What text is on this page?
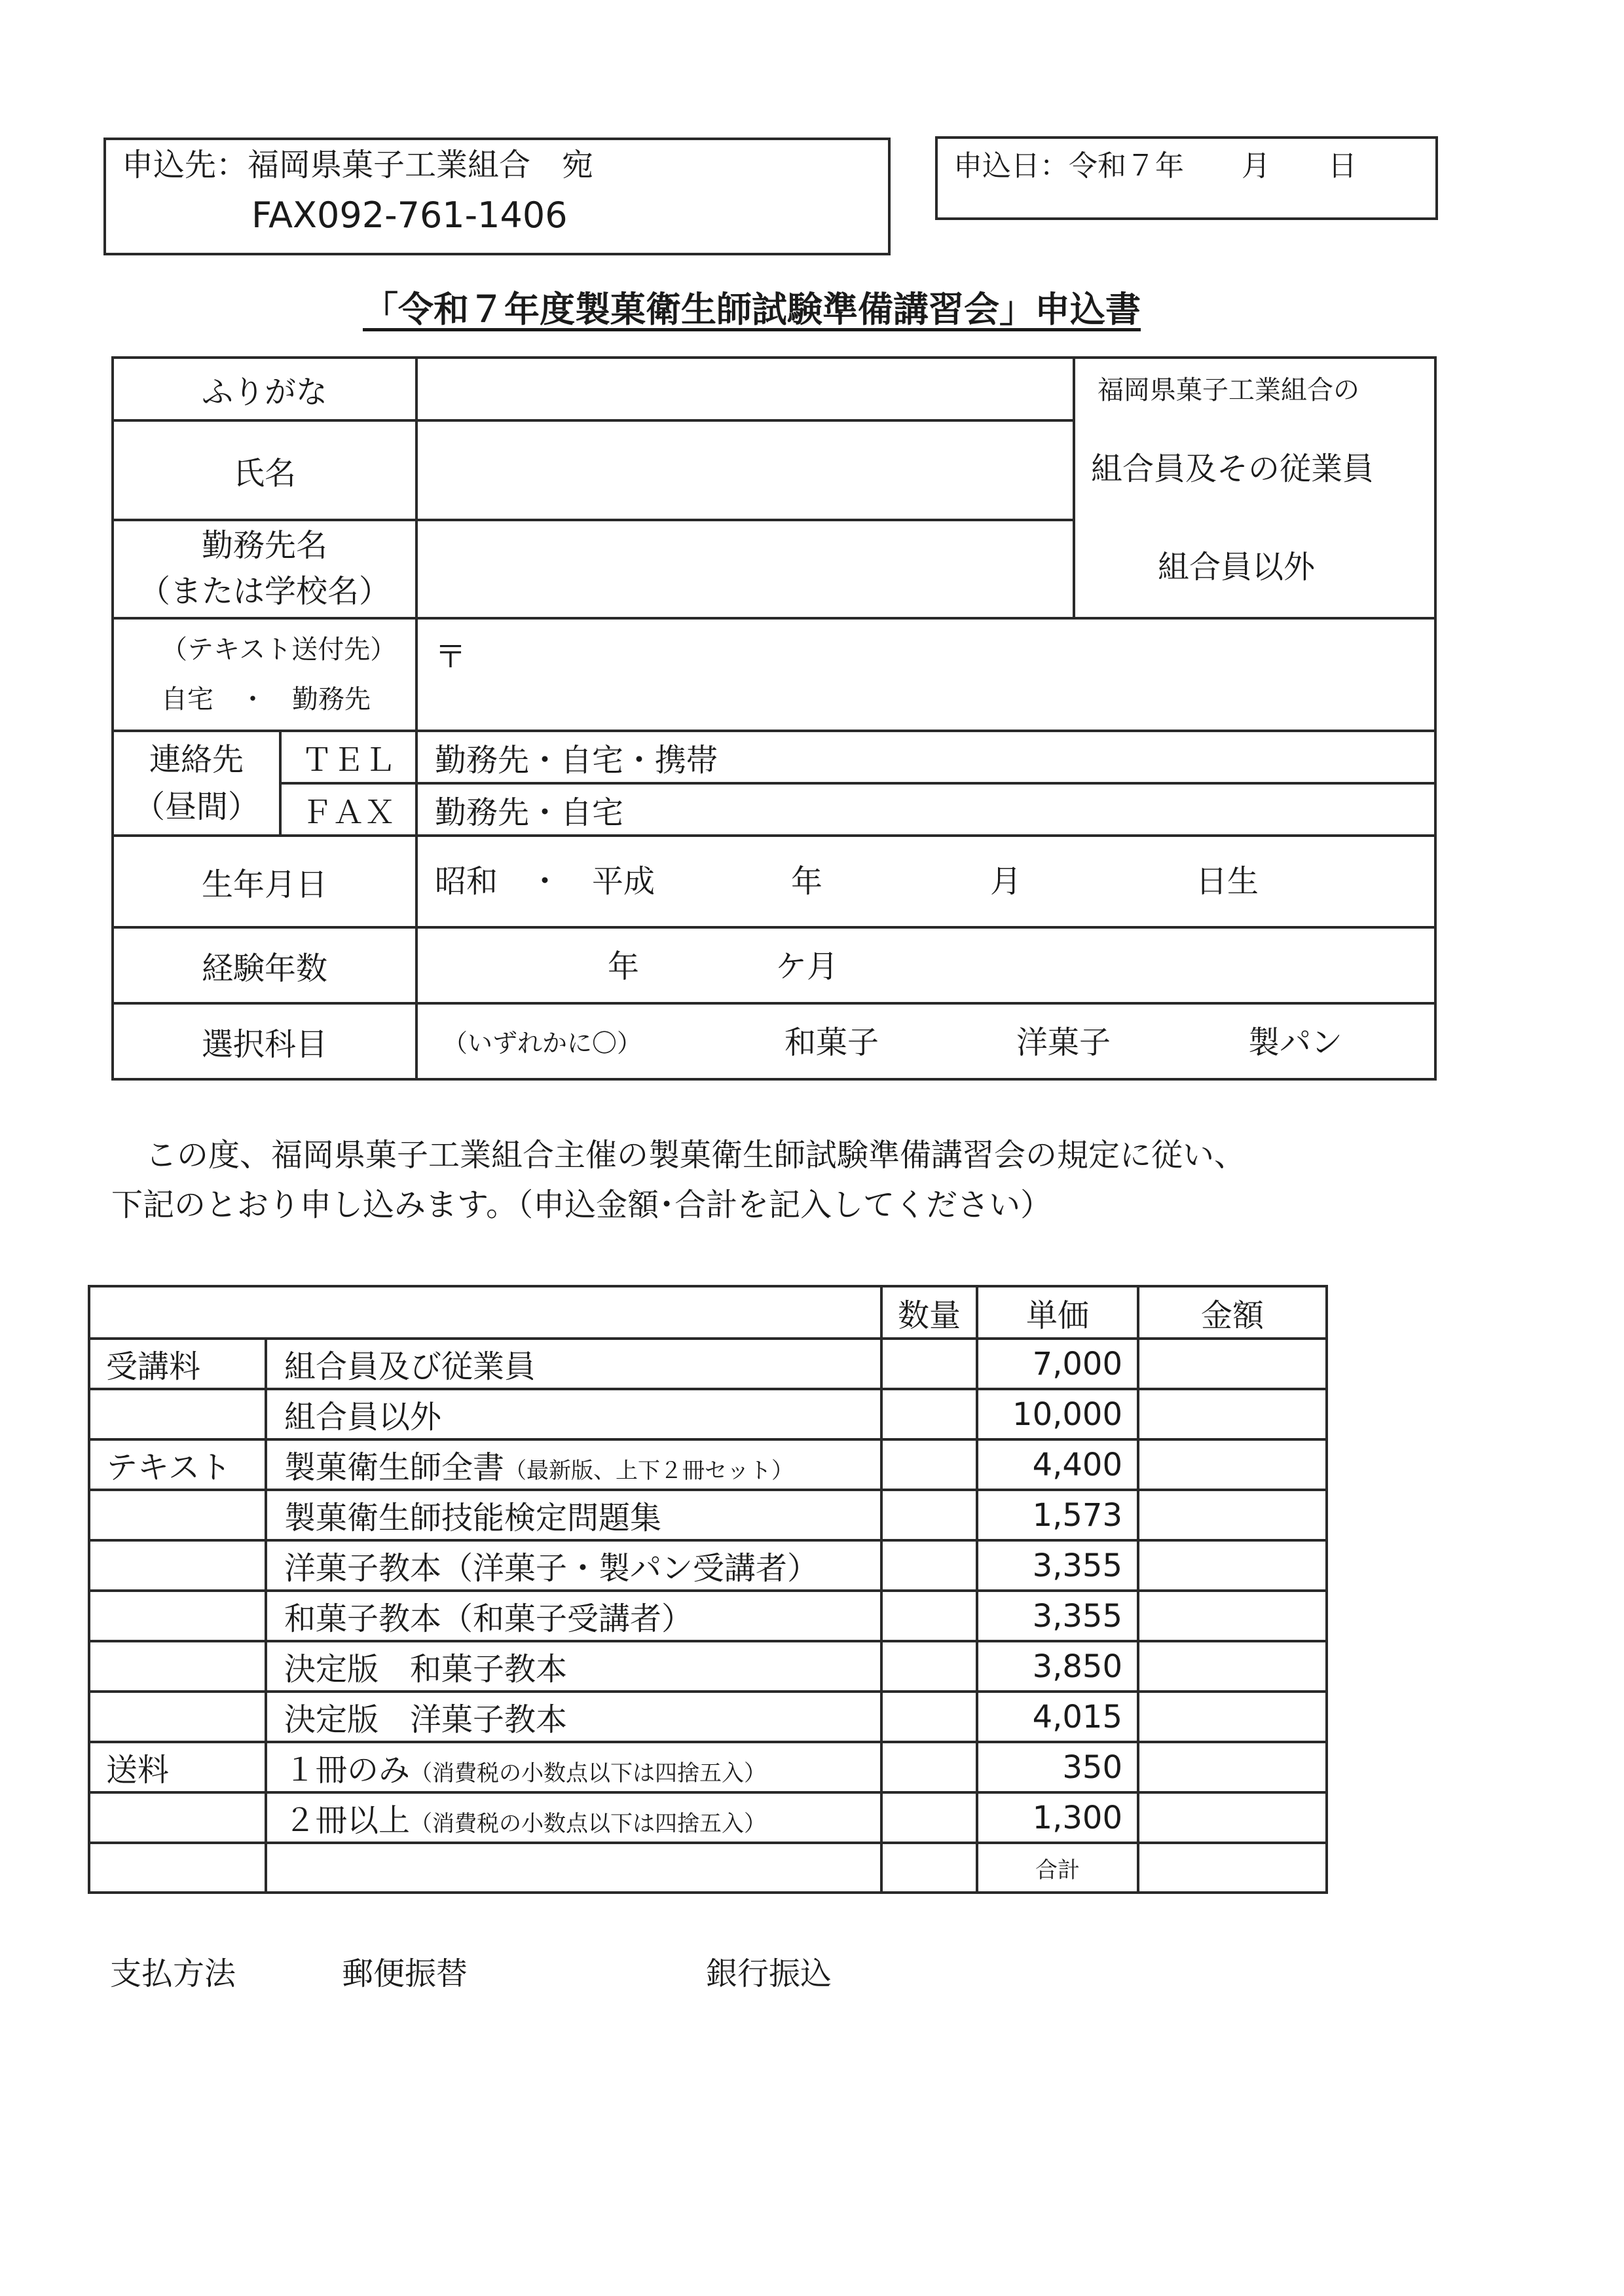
申込先：福岡県菓子工業組合　宛
FAX092-761-1406
申込日：令和７年　　月　　日
「令和７年度製菓衛生師試験準備講習会」申込書
ふりがな			福岡県菓子工業組合の
組合員及その従業員
組合員以外

氏名			

勤務先名
（または学校名）			

（テキスト送付先）
自宅　・　勤務先		〒	

連絡先
（昼間）	ＴＥＬ	勤務先・自宅・携帯	
	ＦＡＸ	勤務先・自宅	
生年月日		昭和　・　平成 年 月 日生	

経験年数		年 ケ月	

選択科目		（いずれかに〇） 和菓子 洋菓子 製パン	
この度、福岡県菓子工業組合主催の製菓衛生師試験準備講習会の規定に従い、
下記のとおり申し込みます。（申込金額･合計を記入してください）
		数量	単価	金額
受講料	組合員及び従業員		7,000	
	組合員以外		10,000	
テキスト	製菓衛生師全書（最新版、上下２冊セット）		4,400	
	製菓衛生師技能検定問題集		1,573	
	洋菓子教本（洋菓子・製パン受講者）		3,355	
	和菓子教本（和菓子受講者）		3,355	
	決定版　和菓子教本		3,850	
	決定版　洋菓子教本		4,015	
送料	１冊のみ（消費税の小数点以下は四捨五入）		350	
	２冊以上（消費税の小数点以下は四捨五入）		1,300	
			合計	
支払方法	郵便振替	銀行振込
